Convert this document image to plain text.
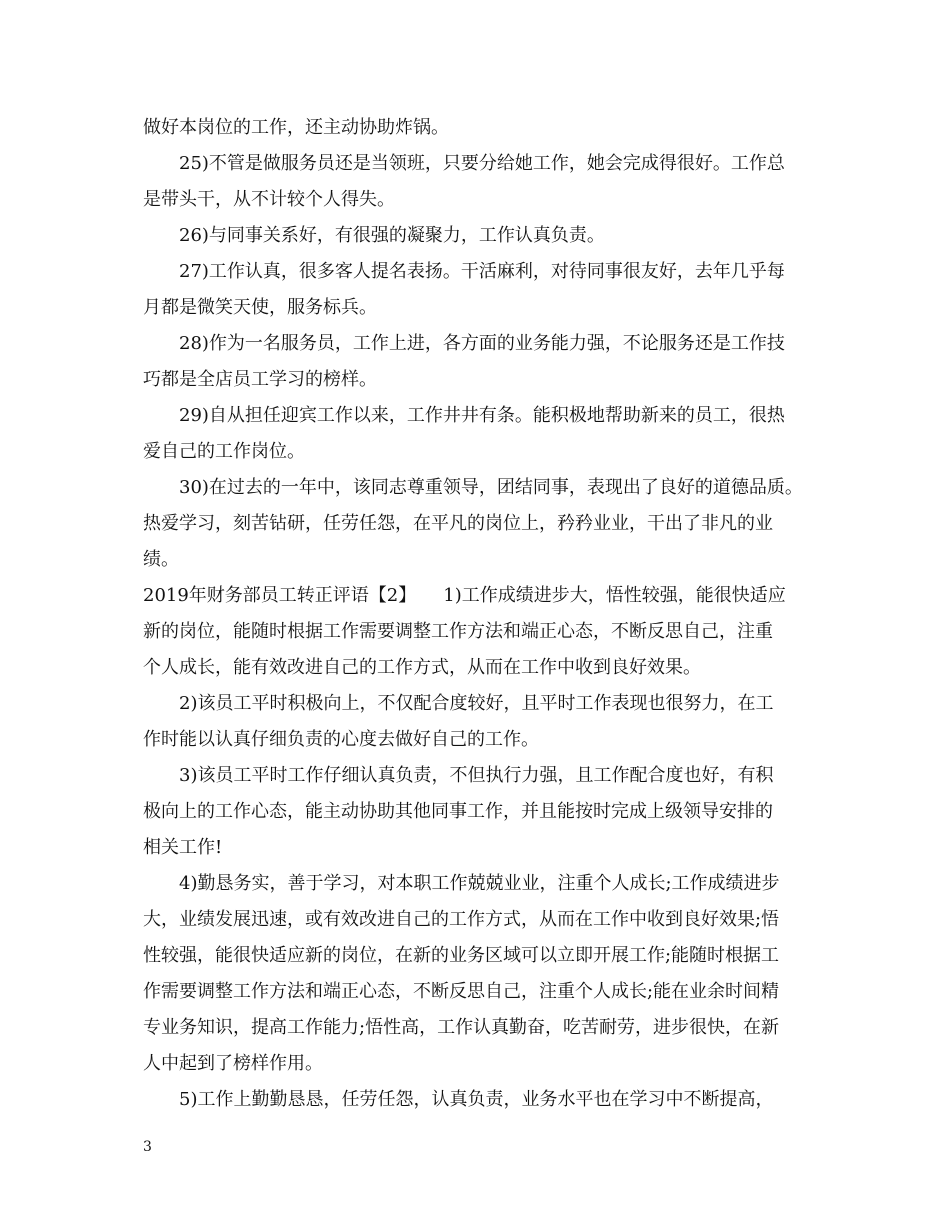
做好本岗位的工作，还主动协助炸锅。
25)不管是做服务员还是当领班，只要分给她工作，她会完成得很好。工作总
是带头干，从不计较个人得失。
26)与同事关系好，有很强的凝聚力，工作认真负责。
27)工作认真，很多客人提名表扬。干活麻利，对待同事很友好，去年几乎每
月都是微笑天使，服务标兵。
28)作为一名服务员，工作上进，各方面的业务能力强，不论服务还是工作技
巧都是全店员工学习的榜样。
29)自从担任迎宾工作以来，工作井井有条。能积极地帮助新来的员工，很热
爱自己的工作岗位。
30)在过去的一年中，该同志尊重领导，团结同事，表现出了良好的道德品质。
热爱学习，刻苦钻研，任劳任怨，在平凡的岗位上，矜矜业业，干出了非凡的业
绩。
2019年财务部员工转正评语【2】　　1)工作成绩进步大，悟性较强，能很快适应
新的岗位，能随时根据工作需要调整工作方法和端正心态，不断反思自己，注重
个人成长，能有效改进自己的工作方式，从而在工作中收到良好效果。
2)该员工平时积极向上，不仅配合度较好，且平时工作表现也很努力，在工
作时能以认真仔细负责的心度去做好自己的工作。
3)该员工平时工作仔细认真负责，不但执行力强，且工作配合度也好，有积
极向上的工作心态，能主动协助其他同事工作，并且能按时完成上级领导安排的
相关工作!
4)勤恳务实，善于学习，对本职工作兢兢业业，注重个人成长;工作成绩进步
大，业绩发展迅速，或有效改进自己的工作方式，从而在工作中收到良好效果;悟
性较强，能很快适应新的岗位，在新的业务区域可以立即开展工作;能随时根据工
作需要调整工作方法和端正心态，不断反思自己，注重个人成长;能在业余时间精
专业务知识，提高工作能力;悟性高，工作认真勤奋，吃苦耐劳，进步很快，在新
人中起到了榜样作用。
5)工作上勤勤恳恳，任劳任怨，认真负责，业务水平也在学习中不断提高，
3
